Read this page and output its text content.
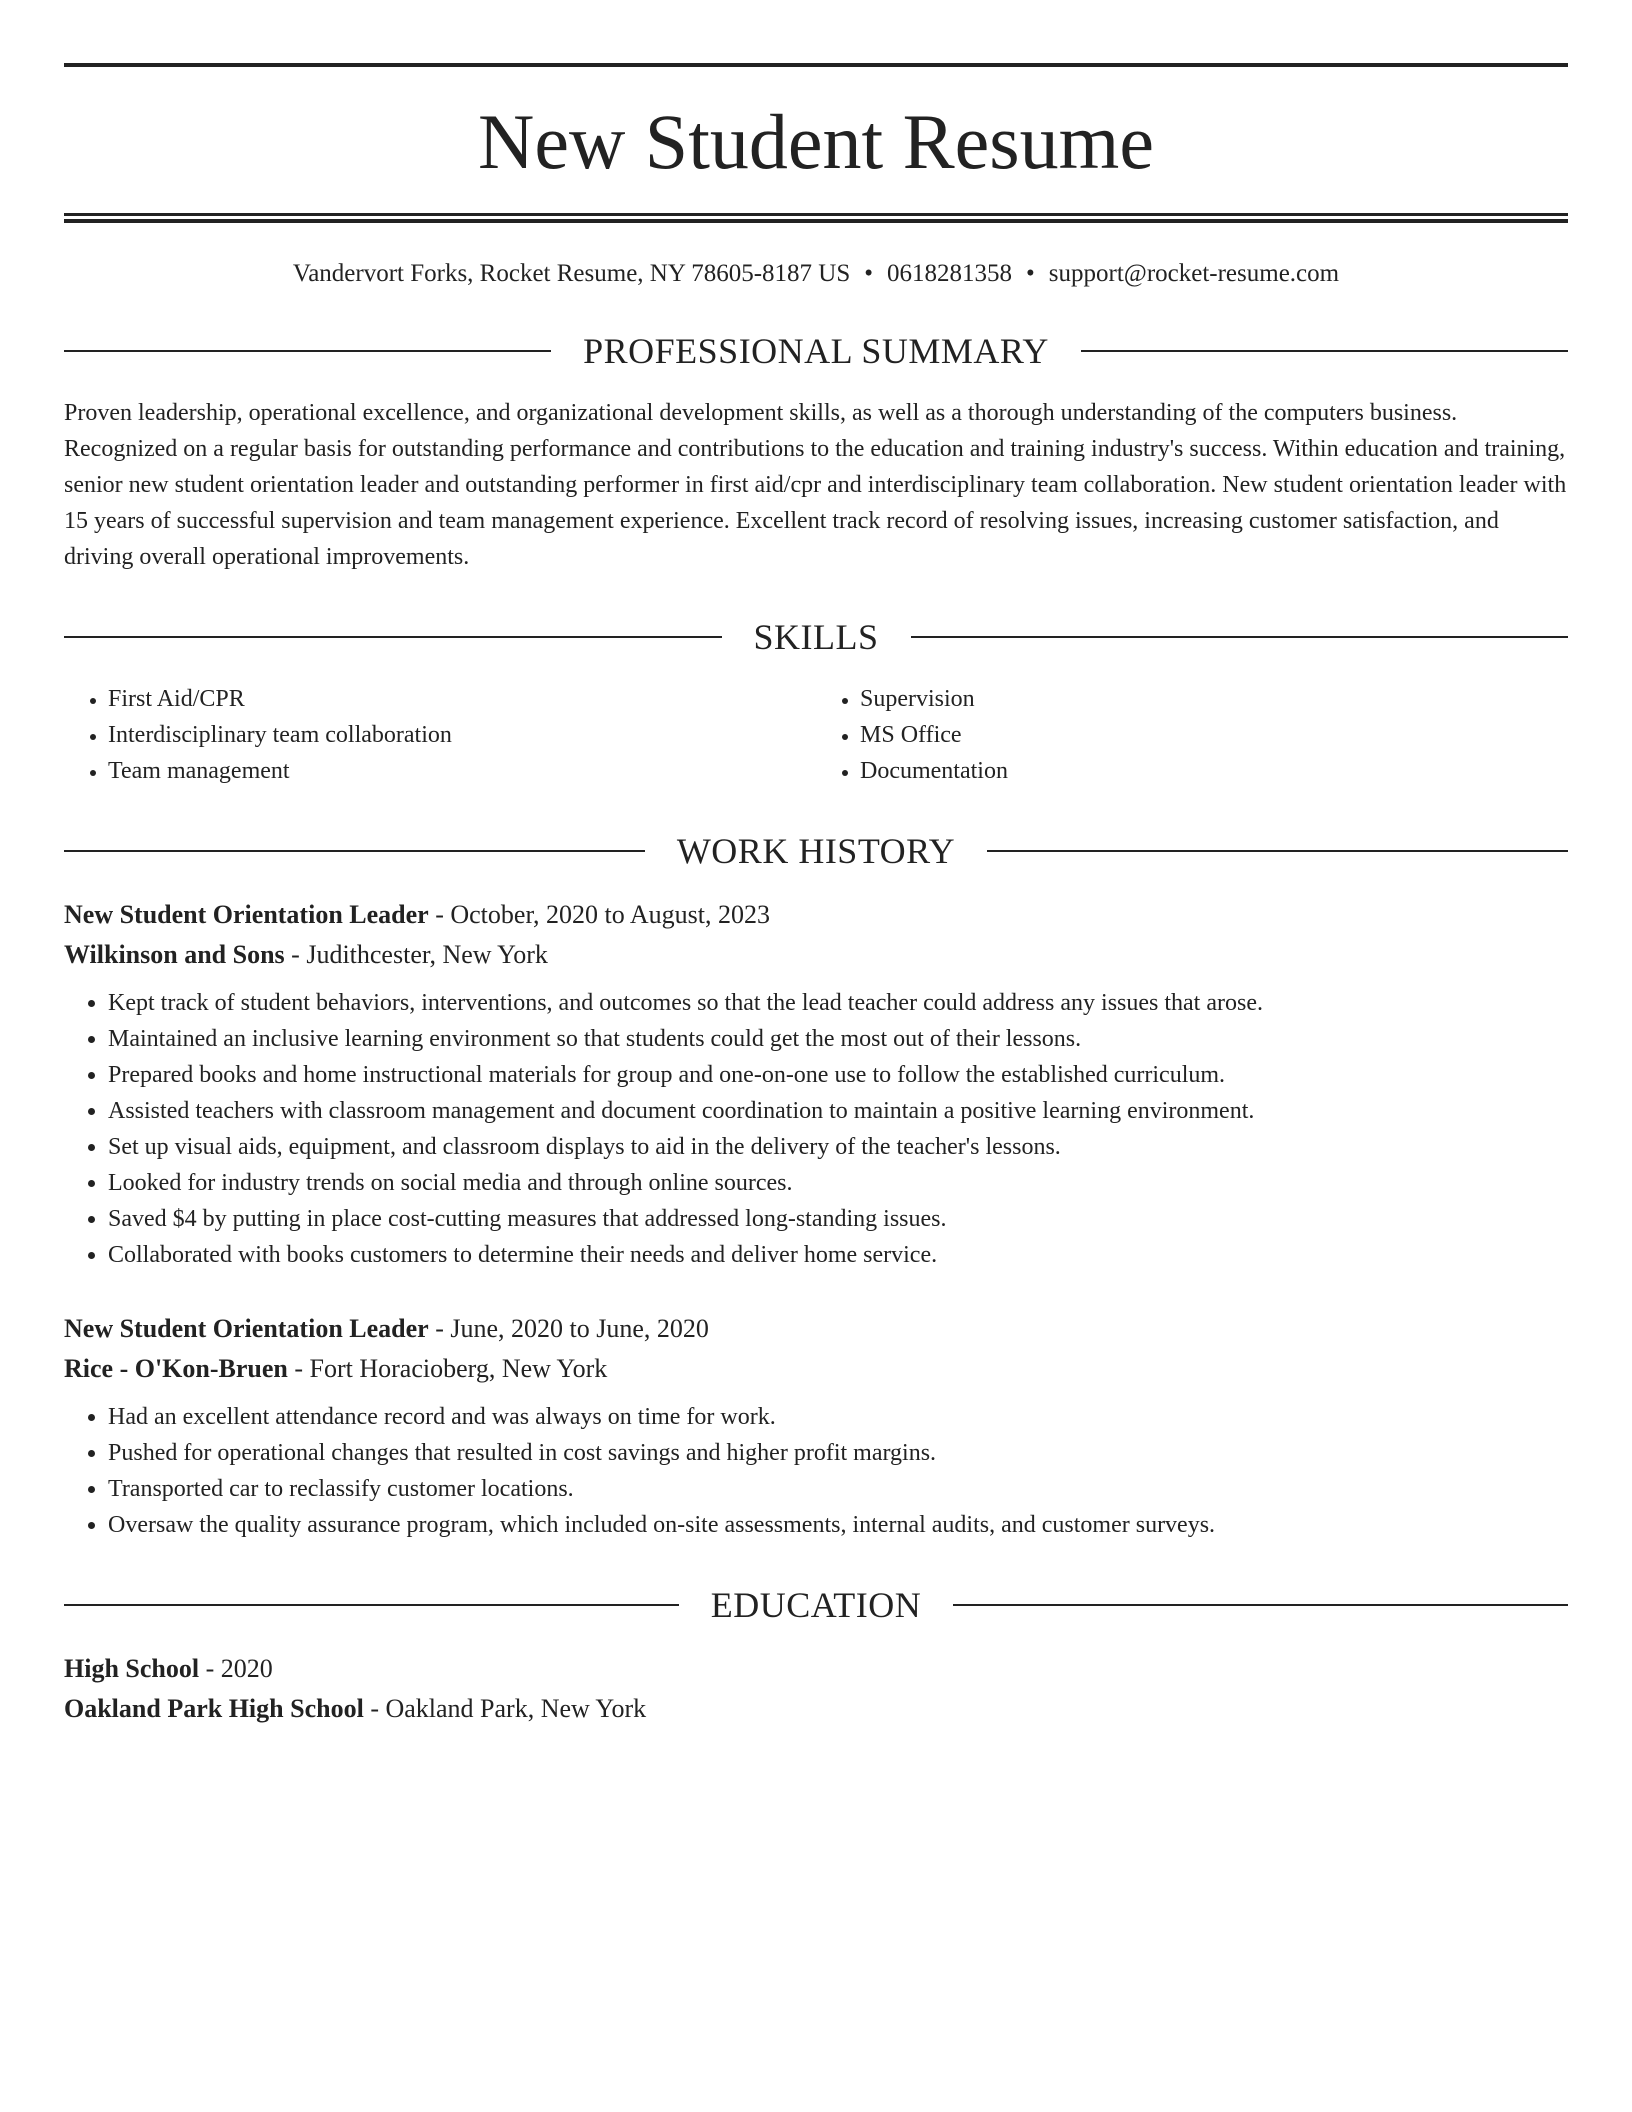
New Student Resume
Vandervort Forks, Rocket Resume, NY 78605-8187 US • 0618281358 • support@rocket-resume.com
PROFESSIONAL SUMMARY
Proven leadership, operational excellence, and organizational development skills, as well as a thorough understanding of the computers business. Recognized on a regular basis for outstanding performance and contributions to the education and training industry's success. Within education and training, senior new student orientation leader and outstanding performer in first aid/cpr and interdisciplinary team collaboration. New student orientation leader with 15 years of successful supervision and team management experience. Excellent track record of resolving issues, increasing customer satisfaction, and driving overall operational improvements.
SKILLS
• First Aid/CPR
• Interdisciplinary team collaboration
• Team management
• Supervision
• MS Office
• Documentation
WORK HISTORY
New Student Orientation Leader - October, 2020 to August, 2023
Wilkinson and Sons - Judithcester, New York
• Kept track of student behaviors, interventions, and outcomes so that the lead teacher could address any issues that arose.
• Maintained an inclusive learning environment so that students could get the most out of their lessons.
• Prepared books and home instructional materials for group and one-on-one use to follow the established curriculum.
• Assisted teachers with classroom management and document coordination to maintain a positive learning environment.
• Set up visual aids, equipment, and classroom displays to aid in the delivery of the teacher's lessons.
• Looked for industry trends on social media and through online sources.
• Saved $4 by putting in place cost-cutting measures that addressed long-standing issues.
• Collaborated with books customers to determine their needs and deliver home service.
New Student Orientation Leader - June, 2020 to June, 2020
Rice - O'Kon-Bruen - Fort Horacioberg, New York
• Had an excellent attendance record and was always on time for work.
• Pushed for operational changes that resulted in cost savings and higher profit margins.
• Transported car to reclassify customer locations.
• Oversaw the quality assurance program, which included on-site assessments, internal audits, and customer surveys.
EDUCATION
High School - 2020
Oakland Park High School - Oakland Park, New York
